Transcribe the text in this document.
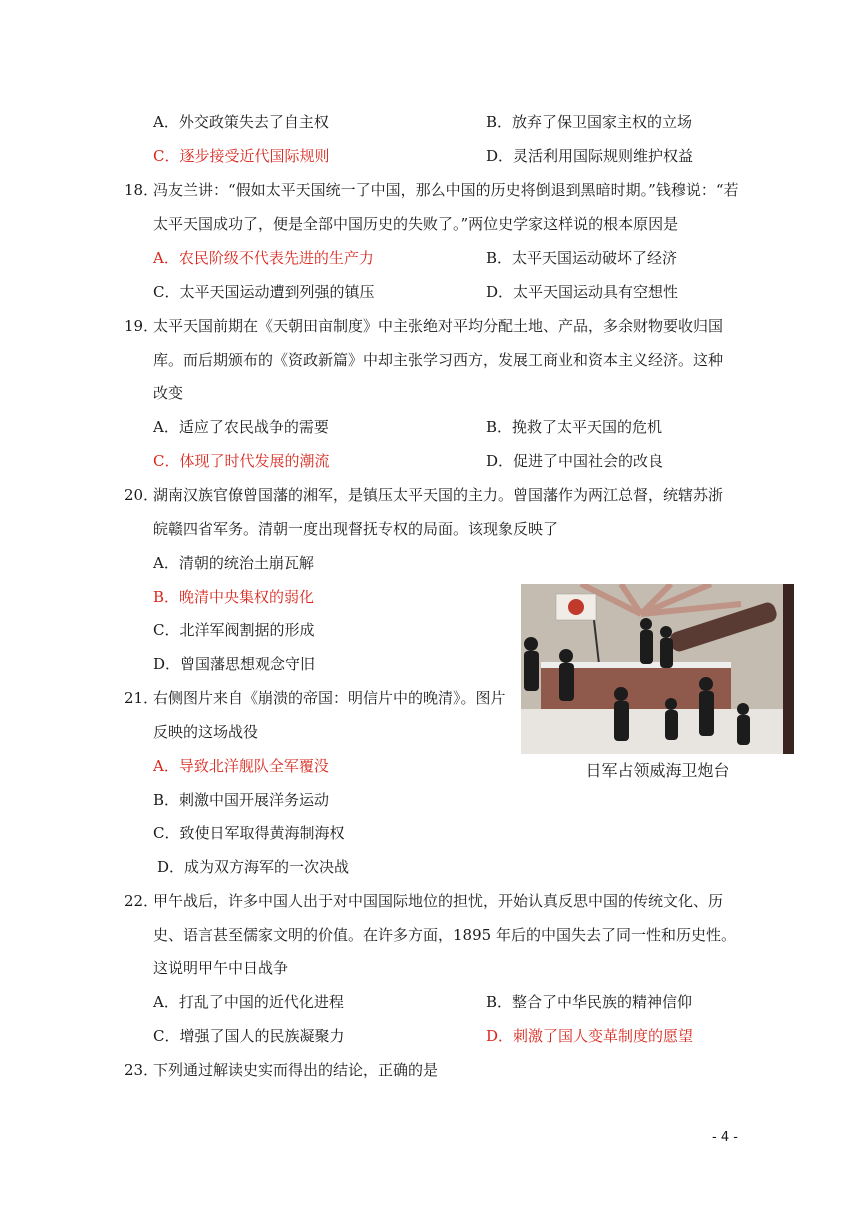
A．外交政策失去了自主权	B．放弃了保卫国家主权的立场
C．逐步接受近代国际规则	D．灵活利用国际规则维护权益
18．
冯友兰讲：“假如太平天国统一了中国，那么中国的历史将倒退到黑暗时期。”钱穆说：“若
太平天国成功了，便是全部中国历史的失败了。”两位史学家这样说的根本原因是
A．农民阶级不代表先进的生产力	B．太平天国运动破坏了经济
C．太平天国运动遭到列强的镇压	D．太平天国运动具有空想性
19．
太平天国前期在《天朝田亩制度》中主张绝对平均分配土地、产品，多余财物要收归国
库。而后期颁布的《资政新篇》中却主张学习西方，发展工商业和资本主义经济。这种
改变
A．适应了农民战争的需要	B．挽救了太平天国的危机
C．体现了时代发展的潮流	D．促进了中国社会的改良
20．
湖南汉族官僚曾国藩的湘军，是镇压太平天国的主力。曾国藩作为两江总督，统辖苏浙
皖赣四省军务。清朝一度出现督抚专权的局面。该现象反映了
A．清朝的统治土崩瓦解
B．晚清中央集权的弱化
C．北洋军阀割据的形成
D．曾国藩思想观念守旧
21．
右侧图片来自《崩溃的帝国：明信片中的晚清》。图片
反映的这场战役
A．导致北洋舰队全军覆没
B．刺激中国开展洋务运动
C．致使日军取得黄海制海权
D．成为双方海军的一次决战
日军占领威海卫炮台
22．
甲午战后，许多中国人出于对中国国际地位的担忧，开始认真反思中国的传统文化、历
史、语言甚至儒家文明的价值。在许多方面，1895 年后的中国失去了同一性和历史性。
这说明甲午中日战争
A．打乱了中国的近代化进程	B．整合了中华民族的精神信仰
C．增强了国人的民族凝聚力	D．刺激了国人变革制度的愿望
23．
下列通过解读史实而得出的结论，正确的是
- 4 -
